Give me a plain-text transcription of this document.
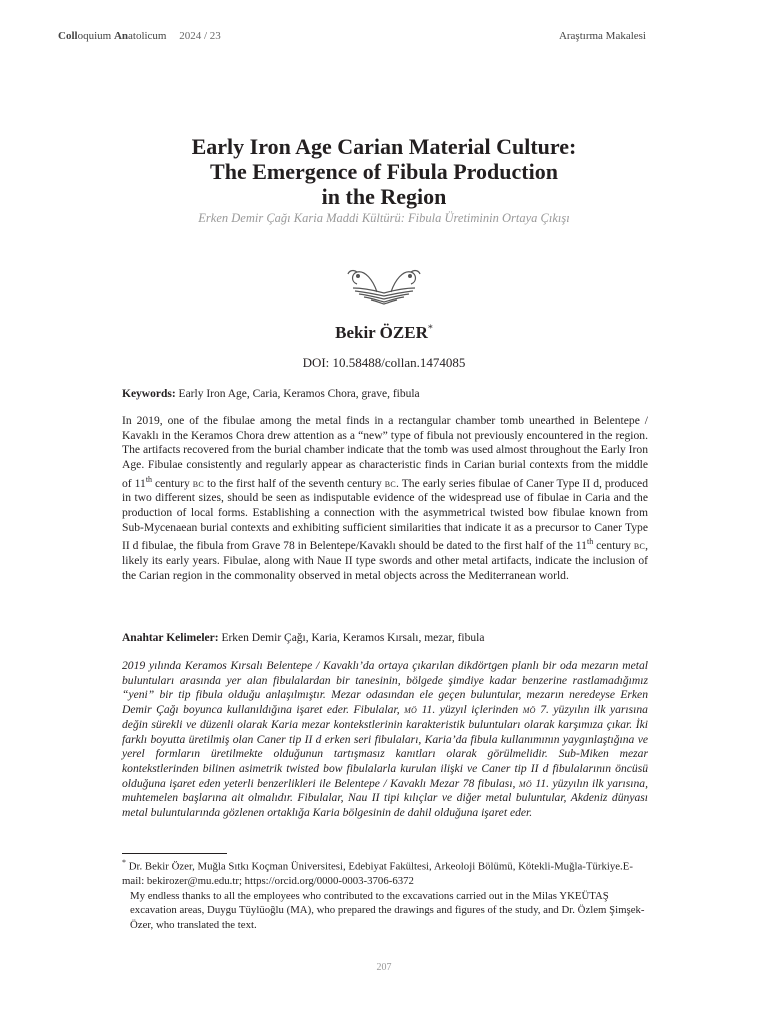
Colloquium Anatolicum 2024 / 23	Araştırma Makalesi
Early Iron Age Carian Material Culture:
The Emergence of Fibula Production
in the Region
Erken Demir Çağı Karia Maddi Kültürü: Fibula Üretiminin Ortaya Çıkışı
Bekir ÖZER*
DOI: 10.58488/collan.1474085
Keywords: Early Iron Age, Caria, Keramos Chora, grave, fibula
In 2019, one of the fibulae among the metal finds in a rectangular chamber tomb unearthed in Belentepe / Kavaklı in the Keramos Chora drew attention as a “new” type of fibula not previously encountered in the region. The artifacts recovered from the burial chamber indicate that the tomb was used almost throughout the Early Iron Age. Fibulae consistently and regularly appear as characteristic finds in Carian burial contexts from the middle of 11th century bc to the first half of the seventh century bc. The early series fibulae of Caner Type II d, produced in two different sizes, should be seen as indisputable evidence of the widespread use of fibulae in Caria and the production of local forms. Establishing a connection with the asymmetrical twisted bow fibulae known from Sub-Mycenaean burial contexts and exhibiting sufficient similarities that indicate it as a precursor to Caner Type II d fibulae, the fibula from Grave 78 in Belentepe/Kavaklı should be dated to the first half of the 11th century bc, likely its early years. Fibulae, along with Naue II type swords and other metal artifacts, indicate the inclusion of the Carian region in the commonality observed in metal objects across the Mediterranean world.
Anahtar Kelimeler: Erken Demir Çağı, Karia, Keramos Kırsalı, mezar, fibula
2019 yılında Keramos Kırsalı Belentepe / Kavaklı’da ortaya çıkarılan dikdörtgen planlı bir oda mezarın metal buluntuları arasında yer alan fibulalardan bir tanesinin, bölgede şimdiye kadar benzerine rastlamadığımız “yeni” bir tip fibula olduğu anlaşılmıştır. Mezar odasından ele geçen buluntular, mezarın neredeyse Erken Demir Çağı boyunca kullanıldığına işaret eder. Fibulalar, mö 11. yüzyıl içlerinden mö 7. yüzyılın ilk yarısına değin sürekli ve düzenli olarak Karia mezar kontekstlerinin karakteristik buluntuları olarak karşımıza çıkar. İki farklı boyutta üretilmiş olan Caner tip II d erken seri fibulaları, Karia’da fibula kullanımının yaygınlaştığına ve yerel formların üretilmekte olduğunun tartışmasız kanıtları olarak görülmelidir. Sub-Miken mezar kontekstlerinden bilinen asimetrik twisted bow fibulalarla kurulan ilişki ve Caner tip II d fibulalarının öncüsü olduğuna işaret eden yeterli benzerlikleri ile Belentepe / Kavaklı Mezar 78 fibulası, mö 11. yüzyılın ilk yarısına, muhtemelen başlarına ait olmalıdır. Fibulalar, Nau II tipi kılıçlar ve diğer metal buluntular, Akdeniz dünyası metal buluntularında gözlenen ortaklığa Karia bölgesinin de dahil olduğuna işaret eder.

* Dr. Bekir Özer, Muğla Sıtkı Koçman Üniversitesi, Edebiyat Fakültesi, Arkeoloji Bölümü, Kötekli-Muğla-Türkiye.E-mail: bekirozer@mu.edu.tr; https://orcid.org/0000-0003-3706-6372

My endless thanks to all the employees who contributed to the excavations carried out in the Milas YKEÜTAŞ excavation areas, Duygu Tüylüoğlu (MA), who prepared the drawings and figures of the study, and Dr. Özlem Şimşek-Özer, who translated the text.

207
